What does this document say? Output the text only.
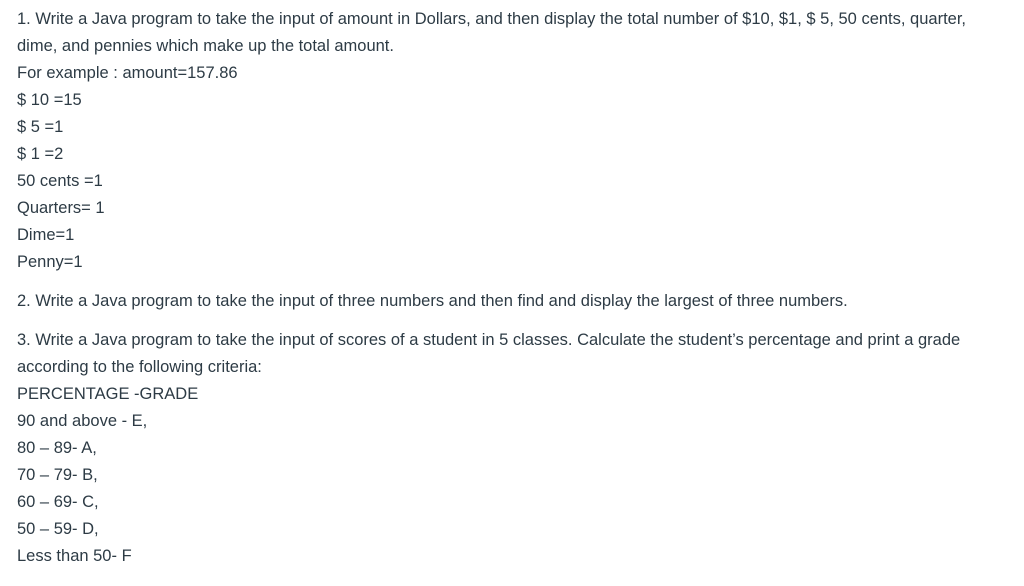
1. Write a Java program to take the input of amount in Dollars, and then display the total number of $10, $1, $ 5, 50 cents, quarter, dime, and pennies which make up the total amount.

For example : amount=157.86

$ 10 =15

$ 5 =1

$ 1 =2

50 cents =1

Quarters= 1

Dime=1

Penny=1

2. Write a Java program to take the input of three numbers and then find and display the largest of three numbers.

3. Write a Java program to take the input of scores of a student in 5 classes. Calculate the student’s percentage and print a grade according to the following criteria:

PERCENTAGE -GRADE

90 and above - E,

80 – 89- A,

70 – 79- B,

60 – 69- C,

50 – 59- D,

Less than 50- F
